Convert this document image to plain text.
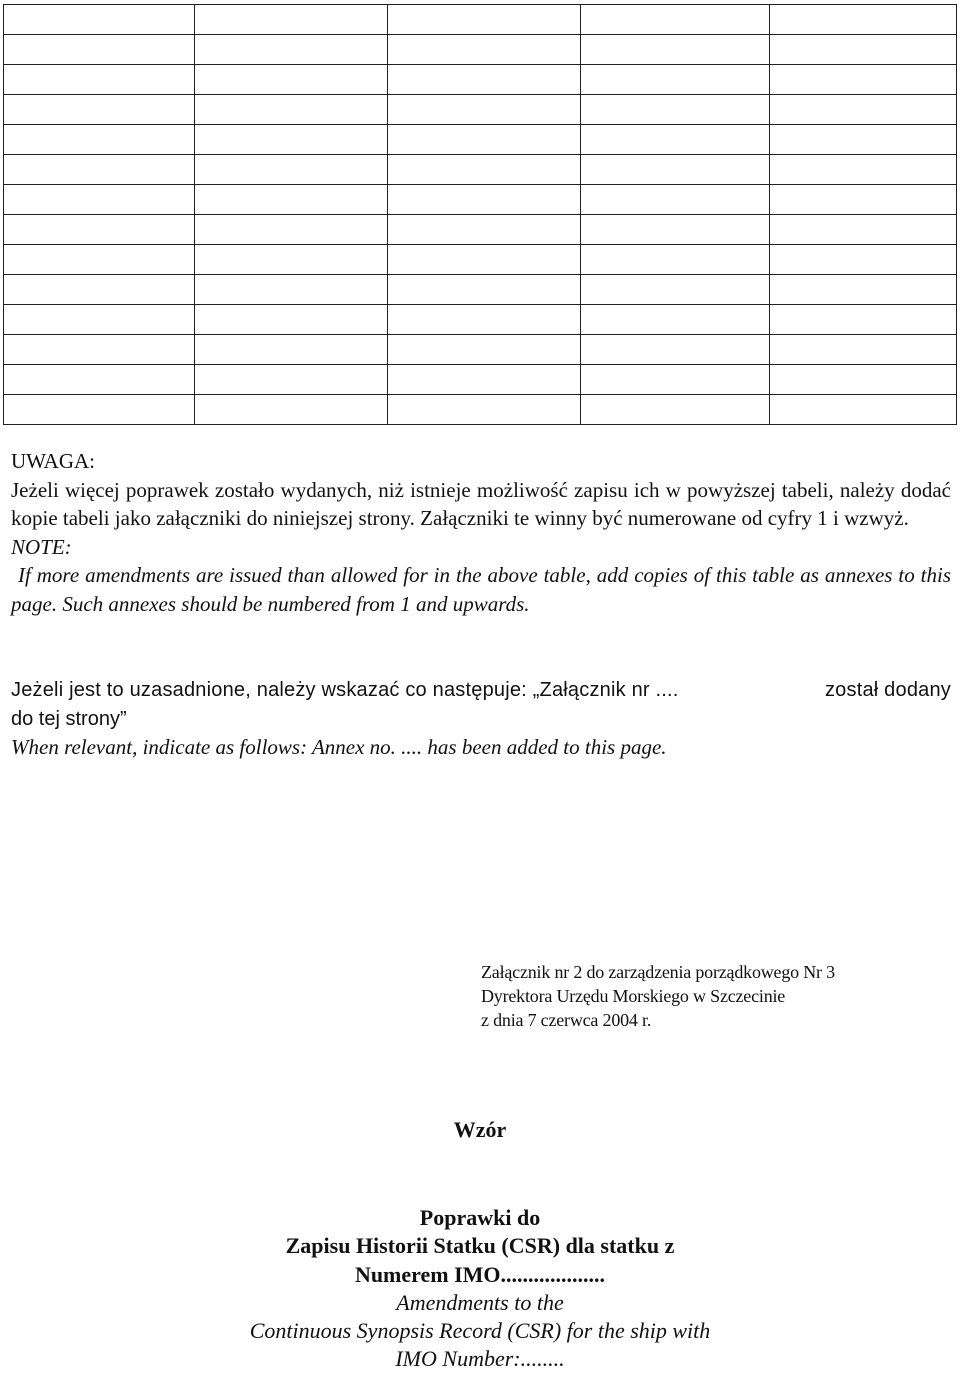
UWAGA:

Jeżeli więcej poprawek zostało wydanych, niż istnieje możliwość zapisu ich w powyższej tabeli, należy dodać kopie tabeli jako załączniki do niniejszej strony. Załączniki te winny być numerowane od cyfry 1 i wzwyż.

NOTE:

If more amendments are issued than allowed for in the above table, add copies of this table as annexes to this page. Such annexes should be numbered from 1 and upwards.

Jeżeli jest to uzasadnione, należy wskazać co następuje: „Załącznik nr ....	został dodany

do tej strony”

When relevant, indicate as follows: Annex no. .... has been added to this page.

Załącznik nr 2 do zarządzenia porządkowego Nr 3

Dyrektora Urzędu Morskiego w Szczecinie

z dnia 7 czerwca 2004 r.

Wzór

Poprawki do

Zapisu Historii Statku (CSR) dla statku z

Numerem IMO...................

Amendments to the

Continuous Synopsis Record (CSR) for the ship with

IMO Number:........
